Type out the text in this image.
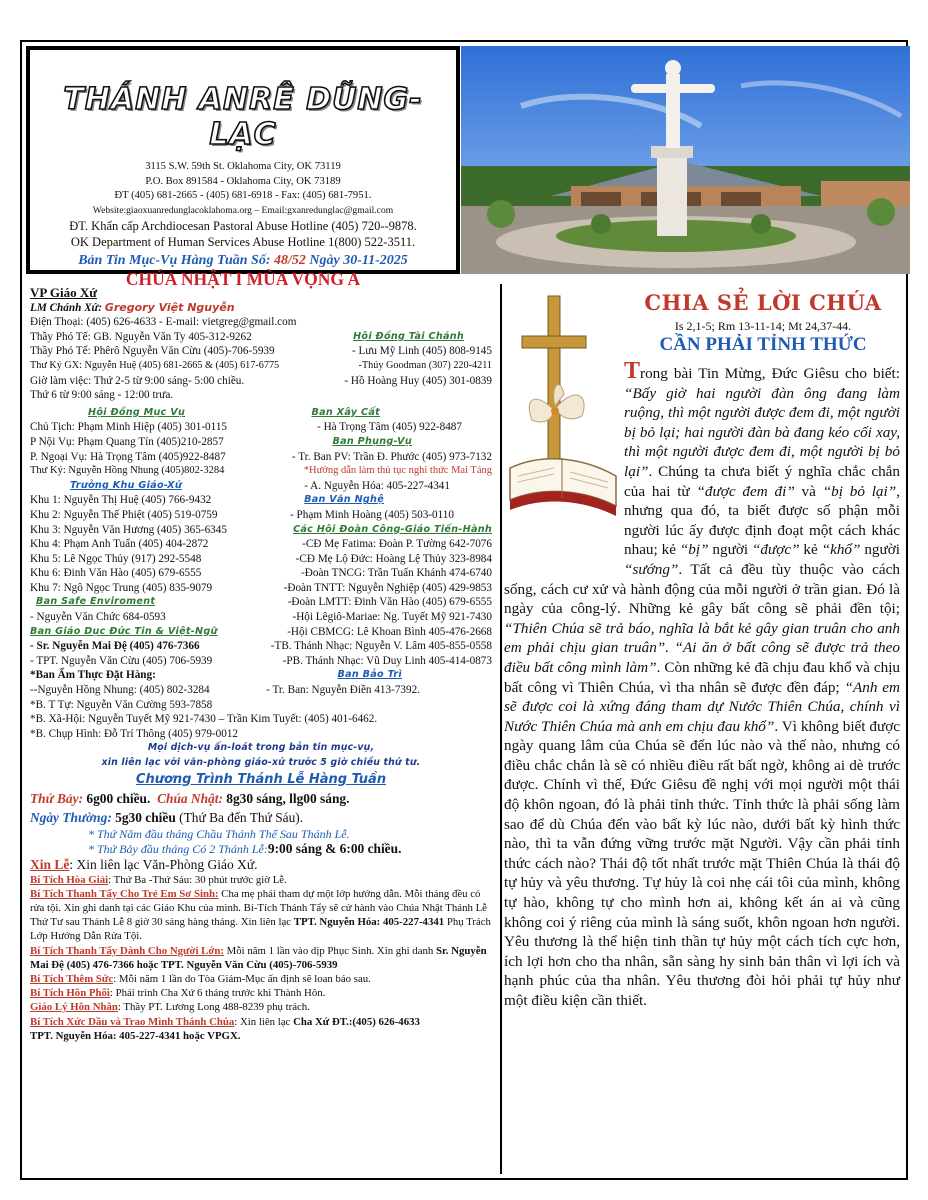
THÁNH ANRÊ DŨNG-LẠC
3115 S.W. 59th St. Oklahoma City, OK 73119
P.O. Box 891584 - Oklahoma City, OK 73189
ĐT (405) 681-2665 - (405) 681-6918 - Fax: (405) 681-7951.
Website:giaoxuanredunglacoklahoma.org – Email:gxanredunglac@gmail.com
ĐT. Khẩn cấp Archdiocesan Pastoral Abuse Hotline (405) 720--9878.
OK Department of Human Services Abuse Hotline 1(800) 522-3511.
Bản Tin Mục-Vụ Hàng Tuần Số: 48/52 Ngày 30-11-2025
CHÚA NHẬT I MÙA VỌNG A
VP Giáo Xứ
LM Chánh Xứ: Gregory Việt Nguyễn
Điện Thoại: (405) 626-4633 - E-mail: vietgreg@gmail.com
Thầy Phó Tế: GB. Nguyễn Văn Ty 405-312-9262	Hội Đồng Tài Chánh
Thầy Phó Tế: Phêrô Nguyễn Văn Cừu (405)-706-5939	- Lưu Mỹ Linh (405) 808-9145
Thư Ký GX: Nguyễn Huệ (405) 681-2665 & (405) 617-6775	-Thúy Goodman (307) 220-4211
Giờ làm việc: Thứ 2-5 từ 9:00 sáng- 5:00 chiều.	- Hồ Hoàng Huy (405) 301-0839
Thứ 6 từ 9:00 sáng - 12:00 trưa.
Hội Đồng Mục Vụ	Ban Xây Cất
Chủ Tịch: Phạm Minh Hiệp (405) 301-0115	- Hà Trọng Tâm (405) 922-8487
P Nội Vụ: Phạm Quang Tín (405)210-2857	Ban Phụng-Vụ
P. Ngoại Vụ: Hà Trọng Tâm (405)922-8487	- Tr. Ban PV: Trần Đ. Phước (405) 973-7132
Thư Ký: Nguyễn Hồng Nhung (405)802-3284	*Hướng dẫn làm thủ tục nghi thức Mai Táng
Trưởng Khu Giáo-Xứ	- A. Nguyễn Hóa: 405-227-4341
Khu 1: Nguyễn Thị Huệ (405) 766-9432	Ban Văn Nghệ
Khu 2: Nguyễn Thế Phiệt (405) 519-0759	- Phạm Minh Hoàng (405) 503-0110
Khu 3: Nguyễn Văn Hương (405) 365-6345	Các Hội Đoàn Công-Giáo Tiến-Hành
Khu 4: Phạm Anh Tuấn (405) 404-2872	-CĐ Mẹ Fatima: Đoàn P. Tường 642-7076
Khu 5: Lê Ngọc Thủy (917) 292-5548	-CĐ Mẹ Lộ Đức: Hoàng Lệ Thủy 323-8984
Khu 6: Đinh Văn Hào (405) 679-6555	-Đoàn TNCG: Trần Tuấn Khánh 474-6740
Khu 7: Ngô Ngọc Trung (405) 835-9079	-Đoàn TNTT: Nguyễn Nghiệp (405) 429-9853
Ban Safe Enviroment	-Đoàn LMTT: Đinh Văn Hào (405) 679-6555
- Nguyễn Văn Chức 684-0593	-Hội Lêgiô-Mariae: Ng. Tuyết Mỹ 921-7430
Ban Giáo Dục Đức Tin & Việt-Ngữ	-Hội CBMCG: Lê Khoan Bình 405-476-2668
- Sr. Nguyễn Mai Đệ (405) 476-7366	-TB. Thánh Nhạc: Nguyễn V. Lâm 405-855-0558
- TPT. Nguyễn Văn Cừu (405) 706-5939	-PB. Thánh Nhạc: Vũ Duy Linh 405-414-0873
*Ban Ẩm Thực Đặt Hàng:	Ban Bảo Trì
--Nguyễn Hồng Nhung: (405) 802-3284	- Tr. Ban: Nguyễn Điền 413-7392.
*B. T Tự: Nguyễn Văn Cường 593-7858
*B. Xã-Hội: Nguyễn Tuyết Mỹ 921-7430 – Trần Kim Tuyết: (405) 401-6462.
*B. Chụp Hình: Đỗ Trí Thông (405) 979-0012
Mọi dịch-vụ ấn-loát trong bản tin mục-vụ,
xin liên lạc với văn-phòng giáo-xứ trước 5 giờ chiều thứ tư.
Chương Trình Thánh Lễ Hàng Tuần
Thứ Bảy: 6g00 chiều. Chúa Nhật: 8g30 sáng, llg00 sáng.
Ngày Thường: 5g30 chiều (Thứ Ba đến Thứ Sáu).
* Thứ Năm đầu tháng Chầu Thánh Thể Sau Thánh Lễ.
* Thứ Bảy đầu tháng Có 2 Thánh Lễ:9:00 sáng & 6:00 chiều.
Xin Lễ: Xin liên lạc Văn-Phòng Giáo Xứ.
Bí Tích Hòa Giải: Thứ Ba -Thứ Sáu: 30 phút trước giờ Lễ.
Bí Tích Thanh Tẩy Cho Trẻ Em Sơ Sinh: Cha mẹ phải tham dự một lớp hướng dẫn. Mỗi tháng đều có rửa tội. Xin ghi danh tại các Giáo Khu của mình. Bí-Tích Thánh Tẩy sẽ cử hành vào Chúa Nhật Thánh Lễ Thứ Tư sau Thánh Lễ 8 giờ 30 sáng hàng tháng. Xin liên lạc TPT. Nguyễn Hóa: 405-227-4341 Phụ Trách Lớp Hướng Dẫn Rửa Tội.
Bí Tích Thanh Tẩy Dành Cho Người Lớn: Mỗi năm 1 lần vào dịp Phục Sinh. Xin ghi danh Sr. Nguyễn Mai Đệ (405) 476-7366 hoặc TPT. Nguyễn Văn Cừu (405)-706-5939
Bí Tích Thêm Sức: Mỗi năm 1 lần do Tòa Giám-Mục ấn định sẽ loan báo sau.
Bí Tích Hôn Phối: Phải trình Cha Xứ 6 tháng trước khi Thành Hôn.
Giáo Lý Hôn Nhân: Thầy PT. Lương Long 488-8239 phụ trách.
Bí Tích Xức Dầu và Trao Mình Thánh Chúa: Xin liên lạc Cha Xứ ĐT.:(405) 626-4633
TPT. Nguyễn Hóa: 405-227-4341 hoặc VPGX.
CHIA SẺ LỜI CHÚA
Is 2,1-5; Rm 13-11-14; Mt 24,37-44.
CẦN PHẢI TỈNH THỨC
Trong bài Tin Mừng, Đức Giêsu cho biết: “Bấy giờ hai người đàn ông đang làm ruộng, thì một người được đem đi, một người bị bỏ lại; hai người đàn bà đang kéo cối xay, thì một người được đem đi, một người bị bỏ lại”. Chúng ta chưa biết ý nghĩa chắc chắn của hai từ “được đem đi” và “bị bỏ lại”, nhưng qua đó, ta biết được số phận mỗi người lúc ấy được định đoạt một cách khác nhau; kẻ “bị” người “được” kẻ “khổ” người “sướng”. Tất cả đều tùy thuộc vào cách sống, cách cư xử và hành động của mỗi người ở trần gian. Đó là ngày của công-lý. Những kẻ gây bất công sẽ phải đền tội; “Thiên Chúa sẽ trả báo, nghĩa là bắt kẻ gây gian truân cho anh em phải chịu gian truân”. “Ai ăn ở bất công sẽ được trả theo điều bất công mình làm”. Còn những kẻ đã chịu đau khổ và chịu bất công vì Thiên Chúa, vì tha nhân sẽ được đền đáp; “Anh em sẽ được coi là xứng đáng tham dự Nước Thiên Chúa, chính vì Nước Thiên Chúa mà anh em chịu đau khổ”. Vì không biết được ngày quang lâm của Chúa sẽ đến lúc nào và thế nào, nhưng có điều chắc chắn là sẽ có nhiều điều rất bất ngờ, không ai dè trước được. Chính vì thế, Đức Giêsu đề nghị với mọi người một thái độ khôn ngoan, đó là phải tỉnh thức. Tỉnh thức là phải sống làm sao để dù Chúa đến vào bất kỳ lúc nào, dưới bất kỳ hình thức nào, thì ta vẫn đứng vững trước mặt Người. Vậy cần phải tỉnh thức cách nào? Thái độ tốt nhất trước mặt Thiên Chúa là thái độ tự hủy và yêu thương. Tự hủy là coi nhẹ cái tôi của mình, không tự hào, không tự cho mình hơn ai, không kết án ai và cũng không coi ý riêng của mình là sáng suốt, khôn ngoan hơn người. Yêu thương là thể hiện tinh thần tự hủy một cách tích cực hơn, ích lợi hơn cho tha nhân, sẵn sàng hy sinh bản thân vì lợi ích và hạnh phúc của tha nhân. Yêu thương đòi hỏi phải tự hủy như một điều kiện cần thiết.
